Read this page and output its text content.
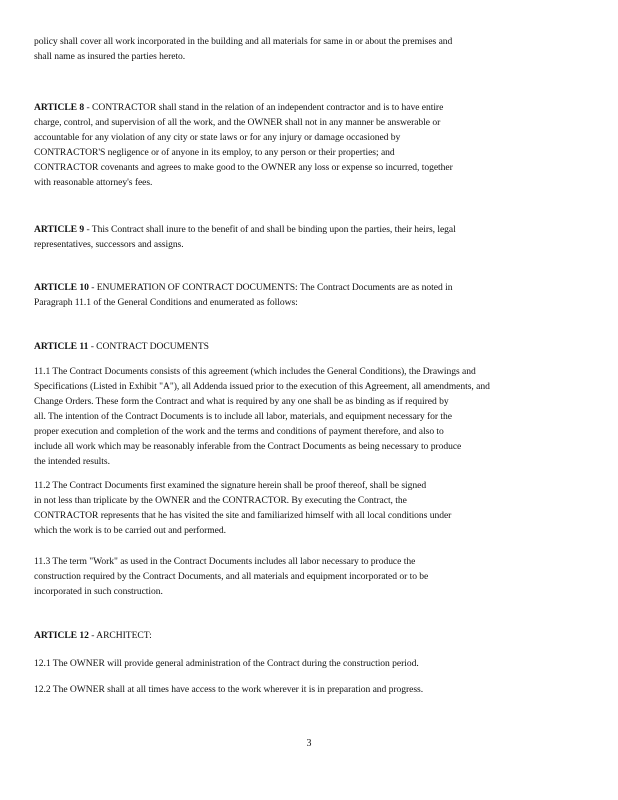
policy shall cover all work incorporated in the building and all materials for same in or about the premises and
shall name as insured the parties hereto.
ARTICLE 8 - CONTRACTOR shall stand in the relation of an independent contractor and is to have entire
charge, control, and supervision of all the work, and the OWNER shall not in any manner be answerable or
accountable for any violation of any city or state laws or for any injury or damage occasioned by
CONTRACTOR'S negligence or of anyone in its employ, to any person or their properties; and
CONTRACTOR covenants and agrees to make good to the OWNER any loss or expense so incurred, together
with reasonable attorney's fees.
ARTICLE 9 - This Contract shall inure to the benefit of and shall be binding upon the parties, their heirs, legal
representatives, successors and assigns.
ARTICLE 10 - ENUMERATION OF CONTRACT DOCUMENTS: The Contract Documents are as noted in
Paragraph 11.1 of the General Conditions and enumerated as follows:
ARTICLE 11 - CONTRACT DOCUMENTS
11.1 The Contract Documents consists of this agreement (which includes the General Conditions), the Drawings and
Specifications (Listed in Exhibit "A"), all Addenda issued prior to the execution of this Agreement, all amendments, and
Change Orders. These form the Contract and what is required by any one shall be as binding as if required by
all. The intention of the Contract Documents is to include all labor, materials, and equipment necessary for the
proper execution and completion of the work and the terms and conditions of payment therefore, and also to
include all work which may be reasonably inferable from the Contract Documents as being necessary to produce
the intended results.
11.2 The Contract Documents first examined the signature herein shall be proof thereof, shall be signed
in not less than triplicate by the OWNER and the CONTRACTOR. By executing the Contract, the
CONTRACTOR represents that he has visited the site and familiarized himself with all local conditions under
which the work is to be carried out and performed.
11.3 The term "Work" as used in the Contract Documents includes all labor necessary to produce the
construction required by the Contract Documents, and all materials and equipment incorporated or to be
incorporated in such construction.
ARTICLE 12 - ARCHITECT:
12.1 The OWNER will provide general administration of the Contract during the construction period.
12.2 The OWNER shall at all times have access to the work wherever it is in preparation and progress.
3
